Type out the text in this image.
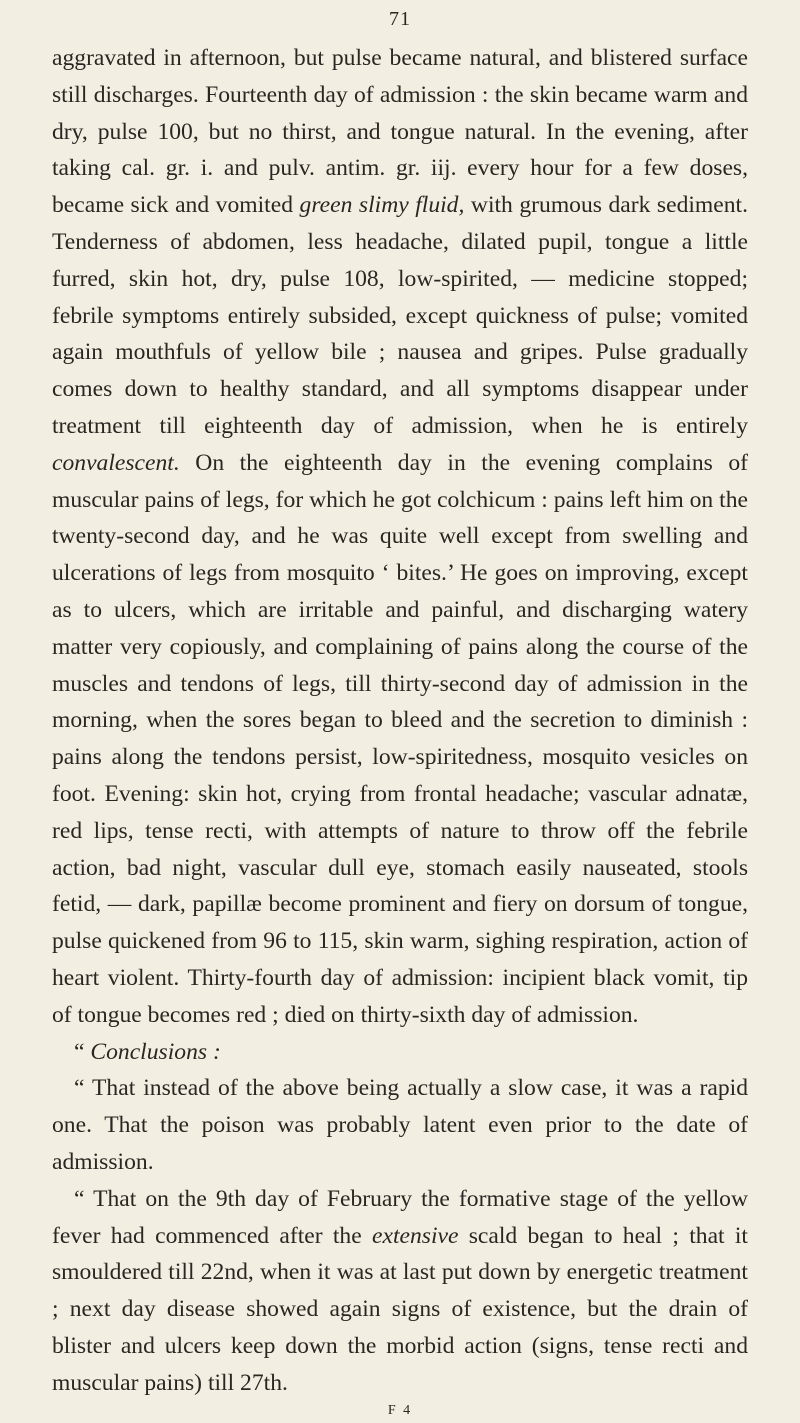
71

aggravated in afternoon, but pulse became natural, and blistered surface still discharges. Fourteenth day of admission : the skin became warm and dry, pulse 100, but no thirst, and tongue natural. In the evening, after taking cal. gr. i. and pulv. antim. gr. iij. every hour for a few doses, became sick and vomited green slimy fluid, with grumous dark sediment. Tenderness of abdomen, less headache, dilated pupil, tongue a little furred, skin hot, dry, pulse 108, low-spirited, — medicine stopped; febrile symptoms entirely subsided, except quickness of pulse; vomited again mouthfuls of yellow bile ; nausea and gripes. Pulse gradually comes down to healthy standard, and all symptoms disappear under treatment till eighteenth day of admission, when he is entirely convalescent. On the eighteenth day in the evening complains of muscular pains of legs, for which he got colchicum : pains left him on the twenty-second day, and he was quite well except from swelling and ulcerations of legs from mosquito ‘ bites.’ He goes on improving, except as to ulcers, which are irritable and painful, and discharging watery matter very copiously, and complaining of pains along the course of the muscles and tendons of legs, till thirty-second day of admission in the morning, when the sores began to bleed and the secretion to diminish : pains along the tendons persist, low-spiritedness, mosquito vesicles on foot. Evening: skin hot, crying from frontal headache; vascular adnatæ, red lips, tense recti, with attempts of nature to throw off the febrile action, bad night, vascular dull eye, stomach easily nauseated, stools fetid, — dark, papillæ become prominent and fiery on dorsum of tongue, pulse quickened from 96 to 115, skin warm, sighing respiration, action of heart violent. Thirty-fourth day of admission: incipient black vomit, tip of tongue becomes red ; died on thirty-sixth day of admission.

“ Conclusions :

“ That instead of the above being actually a slow case, it was a rapid one. That the poison was probably latent even prior to the date of admission.

“ That on the 9th day of February the formative stage of the yellow fever had commenced after the extensive scald began to heal ; that it smouldered till 22nd, when it was at last put down by energetic treatment ; next day disease showed again signs of existence, but the drain of blister and ulcers keep down the morbid action (signs, tense recti and muscular pains) till 27th.

F 4
